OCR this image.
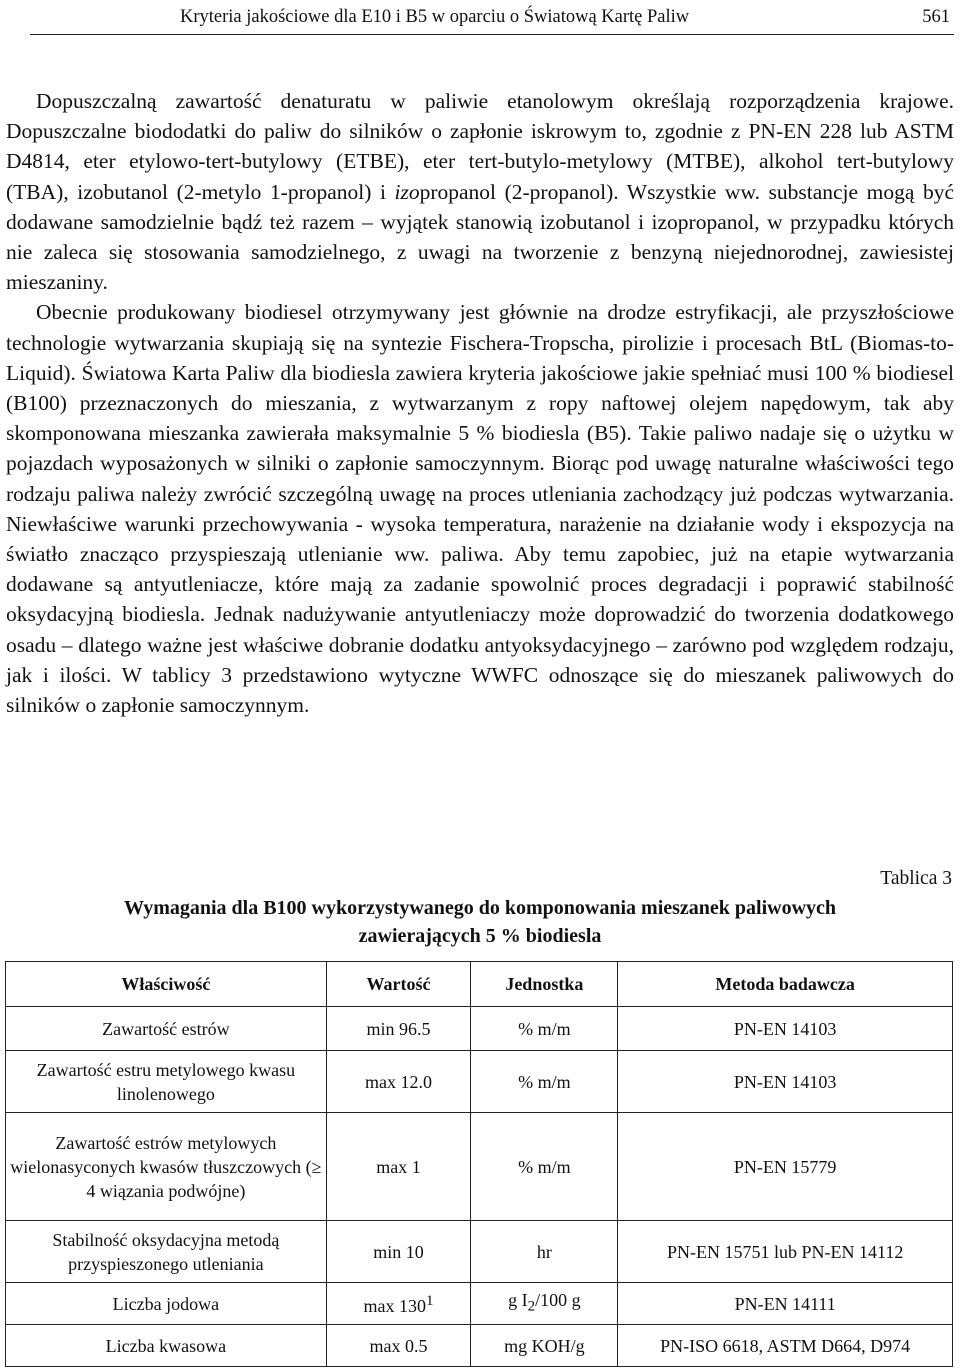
Kryteria jakościowe dla E10 i B5 w oparciu o Światową Kartę Paliw	561

Dopuszczalną zawartość denaturatu w paliwie etanolowym określają rozporządzenia krajowe. Dopuszczalne biododatki do paliw do silników o zapłonie iskrowym to, zgodnie z PN-EN 228 lub ASTM D4814, eter etylowo-tert-butylowy (ETBE), eter tert-butylo-metylowy (MTBE), alkohol tert-butylowy (TBA), izobutanol (2-metylo 1-propanol) i izopropanol (2-propanol). Wszystkie ww. substancje mogą być dodawane samodzielnie bądź też razem – wyjątek stanowią izobutanol i izopropanol, w przypadku których nie zaleca się stosowania samodzielnego, z uwagi na tworzenie z benzyną niejednorodnej, zawiesistej mieszaniny.

Obecnie produkowany biodiesel otrzymywany jest głównie na drodze estryfikacji, ale przyszłościowe technologie wytwarzania skupiają się na syntezie Fischera-Tropscha, pirolizie i procesach BtL (Biomas-to-Liquid). Światowa Karta Paliw dla biodiesla zawiera kryteria jakościowe jakie spełniać musi 100 % biodiesel (B100) przeznaczonych do mieszania, z wytwarzanym z ropy naftowej olejem napędowym, tak aby skomponowana mieszanka zawierała maksymalnie 5 % biodiesla (B5). Takie paliwo nadaje się o użytku w pojazdach wyposażonych w silniki o zapłonie samoczynnym. Biorąc pod uwagę naturalne właściwości tego rodzaju paliwa należy zwrócić szczególną uwagę na proces utleniania zachodzący już podczas wytwarzania. Niewłaściwe warunki przechowywania - wysoka temperatura, narażenie na działanie wody i ekspozycja na światło znacząco przyspieszają utlenianie ww. paliwa. Aby temu zapobiec, już na etapie wytwarzania dodawane są antyutleniacze, które mają za zadanie spowolnić proces degradacji i poprawić stabilność oksydacyjną biodiesla. Jednak nadużywanie antyutleniaczy może doprowadzić do tworzenia dodatkowego osadu – dlatego ważne jest właściwe dobranie dodatku antyoksydacyjnego – zarówno pod względem rodzaju, jak i ilości. W tablicy 3 przedstawiono wytyczne WWFC odnoszące się do mieszanek paliwowych do silników o zapłonie samoczynnym.

Tablica 3
Wymagania dla B100 wykorzystywanego do komponowania mieszanek paliwowych
zawierających 5 % biodiesla
Właściwość	Wartość	Jednostka	Metoda badawcza
Zawartość estrów	min 96.5	% m/m	PN-EN 14103
Zawartość estru metylowego kwasu linolenowego	max 12.0	% m/m	PN-EN 14103
Zawartość estrów metylowych wielonasyconych kwasów tłuszczowych (≥ 4 wiązania podwójne)	max 1	% m/m	PN-EN 15779
Stabilność oksydacyjna metodą przyspieszonego utleniania	min 10	hr	PN-EN 15751 lub PN-EN 14112
Liczba jodowa	$\max 130^1$	g $I_2/100$ g	PN-EN 14111
Liczba kwasowa	max 0.5	mg KOH/g	PN-ISO 6618, ASTM D664, D974
